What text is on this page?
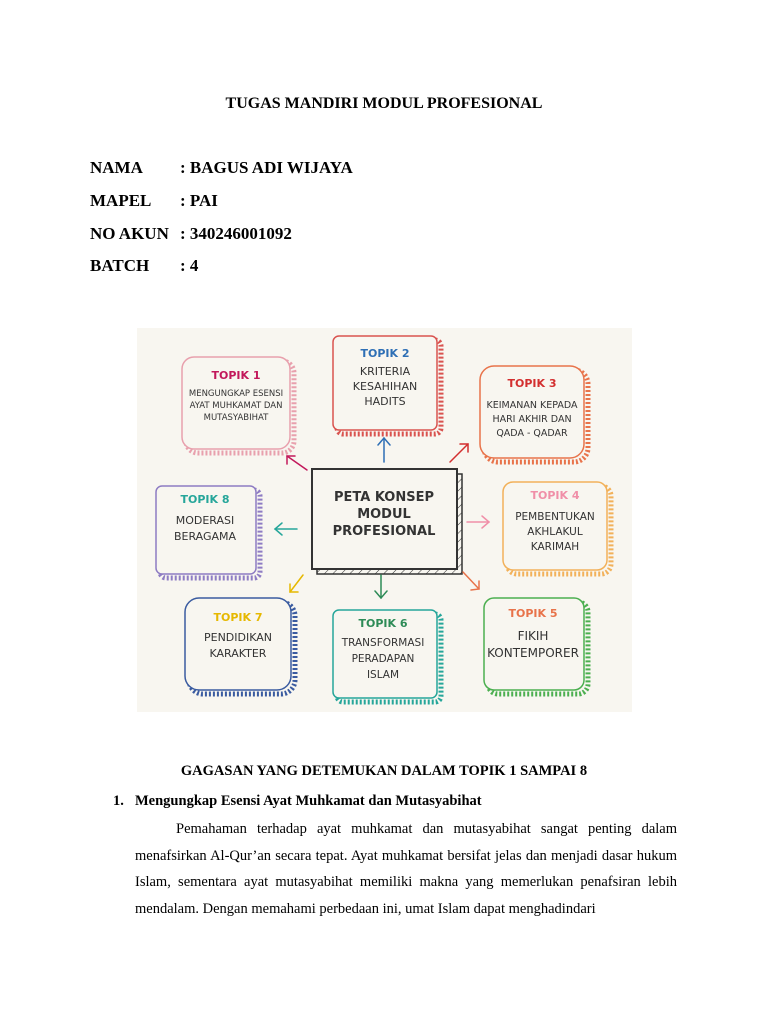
TUGAS MANDIRI MODUL PROFESIONAL
NAMA : BAGUS ADI WIJAYA
MAPEL : PAI
NO AKUN : 340246001092
BATCH : 4
PETA KONSEP
MODUL
PROFESIONAL
TOPIK 1
MENGUNGKAP ESENSI
AYAT MUHKAMAT DAN
MUTASYABIHAT
TOPIK 2
KRITERIA
KESAHIHAN
HADITS
TOPIK 3
KEIMANAN KEPADA
HARI AKHIR DAN
QADA - QADAR
TOPIK 8
MODERASI
BERAGAMA
TOPIK 4
PEMBENTUKAN
AKHLAKUL
KARIMAH
TOPIK 7
PENDIDIKAN
KARAKTER
TOPIK 6
TRANSFORMASI
PERADAPAN
ISLAM
TOPIK 5
FIKIH
KONTEMPORER
GAGASAN YANG DETEMUKAN DALAM TOPIK 1 SAMPAI 8
1. Mengungkap Esensi Ayat Muhkamat dan Mutasyabihat
Pemahaman terhadap ayat muhkamat dan mutasyabihat sangat penting dalam menafsirkan Al-Qur’an secara tepat. Ayat muhkamat bersifat jelas dan menjadi dasar hukum Islam, sementara ayat mutasyabihat memiliki makna yang memerlukan penafsiran lebih mendalam. Dengan memahami perbedaan ini, umat Islam dapat menghadindari
